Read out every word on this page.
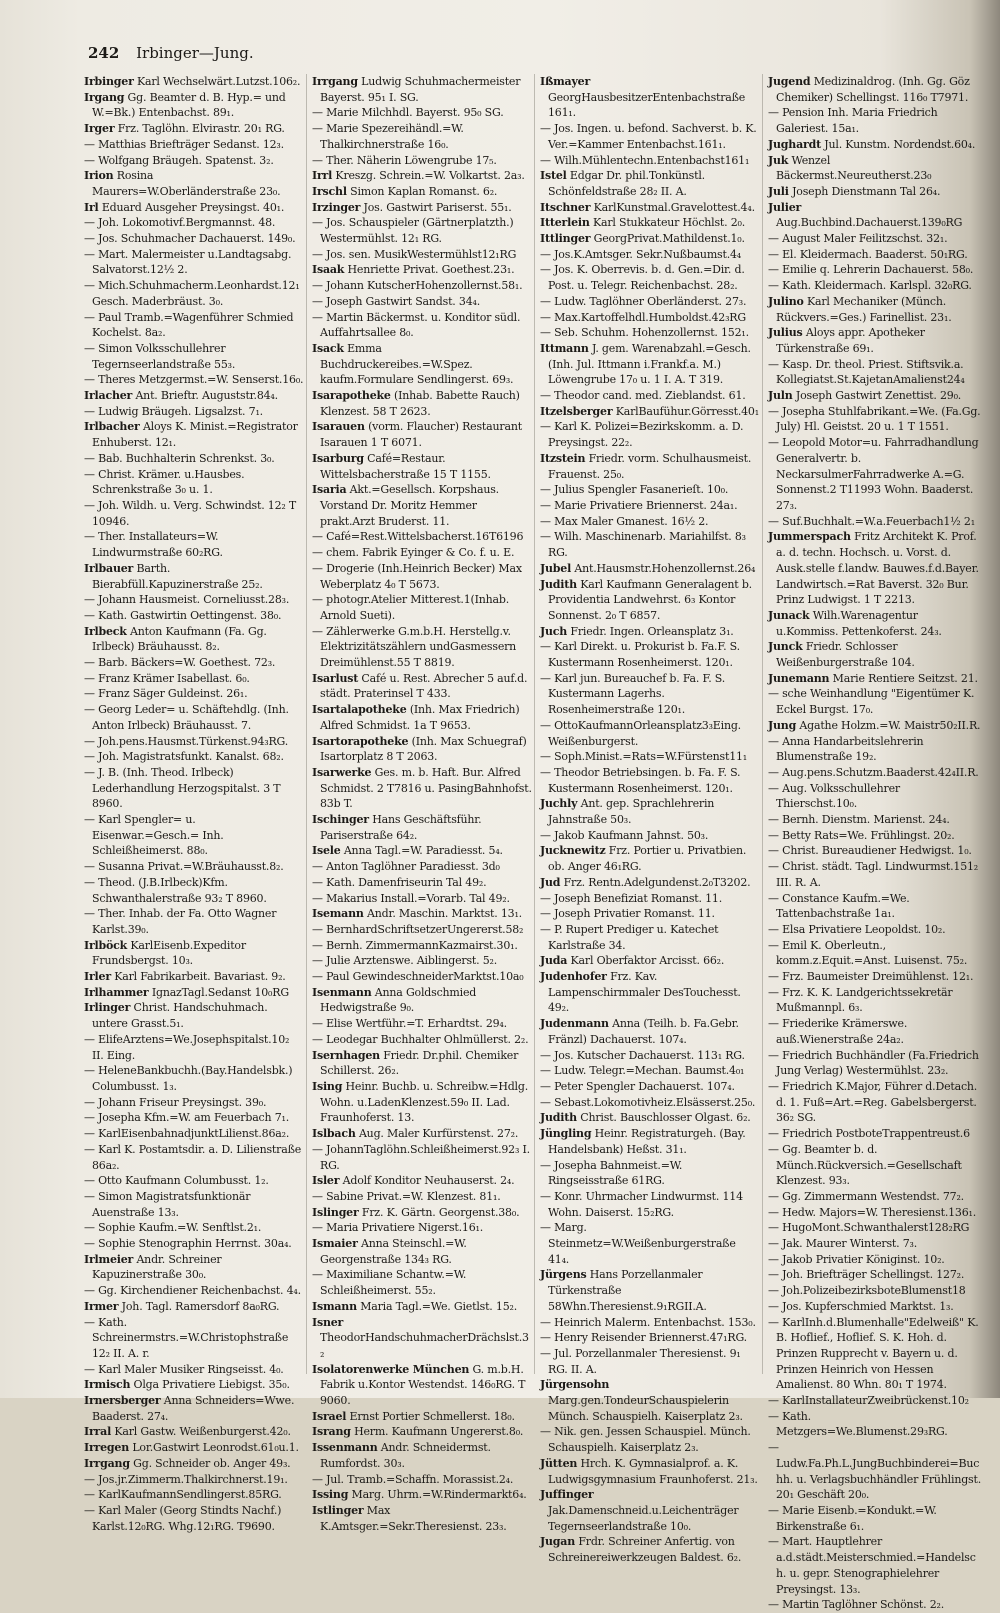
242 Irbinger—Jung.

Irbinger Karl Wechselwärt.Lutzst.106₂.

Irgang Gg. Beamter d. B. Hyp.= und W.=Bk.) Entenbachst. 89₁.

Irger Frz. Taglöhn. Elvirastr. 20₁ RG.

— Matthias Briefträger Sedanst. 12₃.

— Wolfgang Bräugeh. Spatenst. 3₂.

Irion Rosina Maurers=W.Oberländerstraße 23₀.

Irl Eduard Ausgeher Preysingst. 40₁.

— Joh. Lokomotivf.Bergmannst. 48.

— Jos. Schuhmacher Dachauerst. 149₀.

— Mart. Malermeister u.Landtagsabg. Salvatorst.12½ 2.

— Mich.Schuhmacherm.Leonhardst.12₁ Gesch. Maderbräust. 3₀.

— Paul Tramb.=Wagenführer Schmied Kochelst. 8a₂.

— Simon Volksschullehrer Tegernseerlandstraße 55₃.

— Theres Metzgermst.=W. Senserst.16₀.

Irlacher Ant. Brieftr. Auguststr.84₄.

— Ludwig Bräugeh. Ligsalzst. 7₁.

Irlbacher Aloys K. Minist.=Registrator Enhuberst. 12₁.

— Bab. Buchhalterin Schrenkst. 3₀.

— Christ. Krämer. u.Hausbes. Schrenkstraße 3₀ u. 1.

— Joh. Wildh. u. Verg. Schwindst. 12₂ T 10946.

— Ther. Installateurs=W. Lindwurmstraße 60₂RG.

Irlbauer Barth. Bierabfüll.Kapuzinerstraße 25₂.

— Johann Hausmeist. Corneliusst.28₃.

— Kath. Gastwirtin Oettingenst. 38₀.

Irlbeck Anton Kaufmann (Fa. Gg. Irlbeck) Bräuhausst. 8₂.

— Barb. Bäckers=W. Goethest. 72₃.

— Franz Krämer Isabellast. 6₀.

— Franz Säger Guldeinst. 26₁.

— Georg Leder= u. Schäftehdlg. (Inh. Anton Irlbeck) Bräuhausst. 7.

— Joh.pens.Hausmst.Türkenst.94₃RG.

— Joh. Magistratsfunkt. Kanalst. 68₂.

— J. B. (Inh. Theod. Irlbeck) Lederhandlung Herzogspitalst. 3 T 8960.

— Karl Spengler= u. Eisenwar.=Gesch.= Inh. Schleißheimerst. 88₀.

— Susanna Privat.=W.Bräuhausst.8₂.

— Theod. (J.B.Irlbeck)Kfm. Schwanthalerstraße 93₂ T 8960.

— Ther. Inhab. der Fa. Otto Wagner Karlst.39₀.

Irlböck KarlEisenb.Expeditor Frundsbergst. 10₃.

Irler Karl Fabrikarbeit. Bavariast. 9₂.

Irlhammer IgnazTagl.Sedanst 10₀RG

Irlinger Christ. Handschuhmach. untere Grasst.5₁.

— ElifeArztens=We.Josephspitalst.10₂ II. Eing.

— HeleneBankbuchh.(Bay.Handelsbk.) Columbusst. 1₃.

— Johann Friseur Preysingst. 39₀.

— Josepha Kfm.=W. am Feuerbach 7₁.

— KarlEisenbahnadjunktLilienst.86a₂.

— Karl K. Postamtsdir. a. D. Lilienstraße 86a₂.

— Otto Kaufmann Columbusst. 1₂.

— Simon Magistratsfunktionär Auenstraße 13₃.

— Sophie Kaufm.=W. Senftlst.2₁.

— Sophie Stenographin Herrnst. 30a₄.

Irlmeier Andr. Schreiner Kapuzinerstraße 30₀.

— Gg. Kirchendiener Reichenbachst. 4₄.

Irmer Joh. Tagl. Ramersdorf 8a₀RG.

— Kath. Schreinermstrs.=W.Christophstraße 12₂ II. A. r.

— Karl Maler Musiker Ringseisst. 4₀.

Irmisch Olga Privatiere Liebigst. 35₀.

Irnersberger Anna Schneiders=Wwe. Baaderst. 27₄.

Irral Karl Gastw. Weißenburgerst.42₀.

Irregen Lor.Gastwirt Leonrodst.61₀u.1.

Irrgang Gg. Schneider ob. Anger 49₃.

— Jos.jr.Zimmerm.Thalkirchnerst.19₁.

— KarlKaufmannSendlingerst.85RG.

— Karl Maler (Georg Stindts Nachf.) Karlst.12₀RG. Whg.12₁RG. T9690.

Irrgang Ludwig Schuhmachermeister Bayerst. 95₁ I. SG.

— Marie Milchhdl. Bayerst. 95₀ SG.

— Marie Spezereihändl.=W. Thalkirchnerstraße 16₀.

— Ther. Näherin Löwengrube 17₅.

Irrl Kreszg. Schrein.=W. Volkartst. 2a₃.

Irschl Simon Kaplan Romanst. 6₂.

Irzinger Jos. Gastwirt Pariserst. 55₁.

— Jos. Schauspieler (Gärtnerplatzth.) Westermühlst. 12₁ RG.

— Jos. sen. MusikWestermühlst12₁RG

Isaak Henriette Privat. Goethest.23₁.

— Johann KutscherHohenzollernst.58₁.

— Joseph Gastwirt Sandst. 34₄.

— Martin Bäckermst. u. Konditor südl. Auffahrtsallee 8₀.

Isack Emma Buchdruckereibes.=W.Spez. kaufm.Formulare Sendlingerst. 69₃.

Isarapotheke (Inhab. Babette Rauch) Klenzest. 58 T 2623.

Isarauen (vorm. Flaucher) Restaurant Isarauen 1 T 6071.

Isarburg Café=Restaur. Wittelsbacherstraße 15 T 1155.

Isaria Akt.=Gesellsch. Korpshaus. Vorstand Dr. Moritz Hemmer prakt.Arzt Bruderst. 11.

— Café=Rest.Wittelsbacherst.16T6196

— chem. Fabrik Eyinger & Co. f. u. E.

— Drogerie (Inh.Heinrich Becker) Max Weberplatz 4₀ T 5673.

— photogr.Atelier Mitterest.1(Inhab. Arnold Sueti).

— Zählerwerke G.m.b.H. Herstellg.v. Elektrizitätszählern undGasmessern Dreimühlenst.55 T 8819.

Isarlust Café u. Rest. Abrecher 5 auf.d. städt. Praterinsel T 433.

Isartalapotheke (Inh. Max Friedrich) Alfred Schmidst. 1a T 9653.

Isartorapotheke (Inh. Max Schuegraf) Isartorplatz 8 T 2063.

Isarwerke Ges. m. b. Haft. Bur. Alfred Schmidst. 2 T7816 u. PasingBahnhofst. 83b T.

Ischinger Hans Geschäftsführ. Pariserstraße 64₂.

Isele Anna Tagl.=W. Paradiesst. 5₄.

— Anton Taglöhner Paradiesst. 3d₀

— Kath. Damenfriseurin Tal 49₂.

— Makarius Install.=Vorarb. Tal 49₂.

Isemann Andr. Maschin. Marktst. 13₁.

— BernhardSchriftsetzerUngererst.58₂

— Bernh. ZimmermannKazmairst.30₁.

— Julie Arztenswe. Aiblingerst. 5₂.

— Paul GewindeschneiderMarktst.10a₀

Isenmann Anna Goldschmied Hedwigstraße 9₀.

— Elise Wertführ.=T. Erhardtst. 29₄.

— Leodegar Buchhalter Ohlmüllerst. 2₂.

Isernhagen Friedr. Dr.phil. Chemiker Schillerst. 26₂.

Ising Heinr. Buchb. u. Schreibw.=Hdlg. Wohn. u.LadenKlenzest.59₀ II. Lad. Fraunhoferst. 13.

Islbach Aug. Maler Kurfürstenst. 27₂.

— JohannTaglöhn.Schleißheimerst.92₃ I. RG.

Isler Adolf Konditor Neuhauserst. 2₄.

— Sabine Privat.=W. Klenzest. 81₁.

Islinger Frz. K. Gärtn. Georgenst.38₀.

— Maria Privatiere Nigerst.16₁.

Ismaier Anna Steinschl.=W. Georgenstraße 134₃ RG.

— Maximiliane Schantw.=W. Schleißheimerst. 55₂.

Ismann Maria Tagl.=We. Gietlst. 15₂.

Isner TheodorHandschuhmacherDrächslst.3₂

Isolatorenwerke München G. m.b.H. Fabrik u.Kontor Westendst. 146₀RG. T 9060.

Israel Ernst Portier Schmellerst. 18₀.

Israng Herm. Kaufmann Ungererst.8₀.

Issenmann Andr. Schneidermst. Rumfordst. 30₃.

— Jul. Tramb.=Schaffn. Morassist.2₄.

Issing Marg. Uhrm.=W.Rindermarkt6₄.

Istlinger Max K.Amtsger.=Sekr.Theresienst. 23₃.

Ißmayer GeorgHausbesitzerEntenbachstraße 161₁.

— Jos. Ingen. u. befond. Sachverst. b. K. Ver.=Kammer Entenbachst.161₁.

— Wilh.Mühlentechn.Entenbachst161₁

Istel Edgar Dr. phil.Tonkünstl. Schönfeldstraße 28₂ II. A.

Itschner KarlKunstmal.Gravelottest.4₄.

Itterlein Karl Stukkateur Höchlst. 2₀.

Ittlinger GeorgPrivat.Mathildenst.1₀.

— Jos.K.Amtsger. Sekr.Nußbaumst.4₄

— Jos. K. Oberrevis. b. d. Gen.=Dir. d. Post. u. Telegr. Reichenbachst. 28₂.

— Ludw. Taglöhner Oberländerst. 27₃.

— Max.Kartoffelhdl.Humboldst.42₃RG

— Seb. Schuhm. Hohenzollernst. 152₁.

Ittmann J. gem. Warenabzahl.=Gesch. (Inh. Jul. Ittmann i.Frankf.a. M.) Löwengrube 17₀ u. 1 I. A. T 319.

— Theodor cand. med. Zieblandst. 61.

Itzelsberger KarlBaufühur.Görresst.40₁

— Karl K. Polizei=Bezirkskomm. a. D. Preysingst. 22₂.

Itzstein Friedr. vorm. Schulhausmeist. Frauenst. 25₀.

— Julius Spengler Fasanerieſt. 10₀.

— Marie Privatiere Briennerst. 24a₁.

— Max Maler Gmanest. 16½ 2.

— Wilh. Maschinenarb. Mariahilfst. 8₃ RG.

Jubel Ant.Hausmstr.Hohenzollernst.26₄

Judith Karl Kaufmann Generalagent b. Providentia Landwehrst. 6₃ Kontor Sonnenst. 2₀ T 6857.

Juch Friedr. Ingen. Orleansplatz 3₁.

— Karl Direkt. u. Prokurist b. Fa.F. S. Kustermann Rosenheimerst. 120₁.

— Karl jun. Bureauchef b. Fa. F. S. Kustermann Lagerhs. Rosenheimerstraße 120₁.

— OttoKaufmannOrleansplatz3₃Eing. Weißenburgerst.

— Soph.Minist.=Rats=W.Fürstenst11₁

— Theodor Betriebsingen. b. Fa. F. S. Kustermann Rosenheimerst. 120₁.

Juchly Ant. gep. Sprachlehrerin Jahnstraße 50₃.

— Jakob Kaufmann Jahnst. 50₃.

Jucknewitz Frz. Portier u. Privatbien. ob. Anger 46₁RG.

Jud Frz. Rentn.Adelgundenst.2₀T3202.

— Joseph Benefiziat Romanst. 11.

— Joseph Privatier Romanst. 11.

— P. Rupert Prediger u. Katechet Karlstraße 34.

Juda Karl Oberfaktor Arcisst. 66₂.

Judenhofer Frz. Kav. Lampenschirmmaler DesTouchesst. 49₂.

Judenmann Anna (Teilh. b. Fa.Gebr. Fränzl) Dachauerst. 107₄.

— Jos. Kutscher Dachauerst. 113₁ RG.

— Ludw. Telegr.=Mechan. Baumst.4₀₁

— Peter Spengler Dachauerst. 107₄.

— Sebast.Lokomotivheiz.Elsässerst.25₀.

Judith Christ. Bauschlosser Olgast. 6₂.

Jüngling Heinr. Registraturgeh. (Bay. Handelsbank) Heßst. 31₁.

— Josepha Bahnmeist.=W. Ringseisstraße 61RG.

— Konr. Uhrmacher Lindwurmst. 114 Wohn. Daiserst. 15₂RG.

— Marg. Steinmetz=W.Weißenburgerstraße 41₄.

Jürgens Hans Porzellanmaler Türkenstraße 58Whn.Theresienst.9₁RGII.A.

— Heinrich Malerm. Entenbachst. 153₀.

— Henry Reisender Briennerst.47₁RG.

— Jul. Porzellanmaler Theresienst. 9₁ RG. II. A.

Jürgensohn Marg.gen.TondeurSchauspielerin Münch. Schauspielh. Kaiserplatz 2₃.

— Nik. gen. Jessen Schauspiel. Münch. Schauspielh. Kaiserplatz 2₃.

Jütten Hrch. K. Gymnasialprof. a. K. Ludwigsgymnasium Fraunhoferst. 21₃.

Juffinger Jak.Damenschneid.u.Leichenträger Tegernseerlandstraße 10₀.

Jugan Frdr. Schreiner Anfertig. von Schreinereiwerkzeugen Baldest. 6₂.

Jugend Medizinaldrog. (Inh. Gg. Göz Chemiker) Schellingst. 116₀ T7971.

— Pension Inh. Maria Friedrich Galeriest. 15a₁.

Jughardt Jul. Kunstm. Nordendst.60₄.

Juk Wenzel Bäckermst.Neureutherst.23₀

Juli Joseph Dienstmann Tal 26₄.

Julier Aug.Buchbind.Dachauerst.139₀RG

— August Maler Feilitzschst. 32₁.

— El. Kleidermach. Baaderst. 50₁RG.

— Emilie q. Lehrerin Dachauerst. 58₀.

— Kath. Kleidermach. Karlspl. 32₀RG.

Julino Karl Mechaniker (Münch. Rückvers.=Ges.) Farinellist. 23₁.

Julius Aloys appr. Apotheker Türkenstraße 69₁.

— Kasp. Dr. theol. Priest. Stiftsvik.a. Kollegiatst.St.KajetanAmalienst24₄

Juln Joseph Gastwirt Zenettist. 29₀.

— Josepha Stuhlfabrikant.=We. (Fa.Gg. July) Hl. Geistst. 20 u. 1 T 1551.

— Leopold Motor=u. Fahrradhandlung Generalvertr. b. NeckarsulmerFahrradwerke A.=G. Sonnenst.2 T11993 Wohn. Baaderst. 27₃.

— Suf.Buchhalt.=W.a.Feuerbach1½ 2₁

Jummerspach Fritz Architekt K. Prof. a. d. techn. Hochsch. u. Vorst. d. Ausk.stelle f.landw. Bauwes.f.d.Bayer. Landwirtsch.=Rat Baverst. 32₀ Bur. Prinz Ludwigst. 1 T 2213.

Junack Wilh.Warenagentur u.Kommiss. Pettenkoferst. 24₃.

Junck Friedr. Schlosser Weißenburgerstraße 104.

Junemann Marie Rentiere Seitzst. 21.

— sche Weinhandlung "Eigentümer K. Eckel Burgst. 17₀.

Jung Agathe Holzm.=W. Maistr50₂II.R.

— Anna Handarbeitslehrerin Blumenstraße 19₂.

— Aug.pens.Schutzm.Baaderst.42₄II.R.

— Aug. Volksschullehrer Thierschst.10₀.

— Bernh. Dienstm. Marienst. 24₄.

— Betty Rats=We. Frühlingst. 20₂.

— Christ. Bureaudiener Hedwigst. 1₀.

— Christ. städt. Tagl. Lindwurmst.151₂ III. R. A.

— Constance Kaufm.=We. Tattenbachstraße 1a₁.

— Elsa Privatiere Leopoldst. 10₂.

— Emil K. Oberleutn., komm.z.Equit.=Anst. Luisenst. 75₂.

— Frz. Baumeister Dreimühlenst. 12₁.

— Frz. K. K. Landgerichtssekretär Mußmannpl. 6₃.

— Friederike Krämerswe. auß.Wienerstraße 24a₂.

— Friedrich Buchhändler (Fa.Friedrich Jung Verlag) Westermühlst. 23₂.

— Friedrich K.Major, Führer d.Detach. d. 1. Fuß=Art.=Reg. Gabelsbergerst. 36₂ SG.

— Friedrich PostboteTrappentreust.6

— Gg. Beamter b. d. Münch.Rückversich.=Gesellschaft Klenzest. 93₃.

— Gg. Zimmermann Westendst. 77₂.

— Hedw. Majors=W. Theresienst.136₁.

— HugoMont.Schwanthalerst128₂RG

— Jak. Maurer Winterst. 7₃.

— Jakob Privatier Königinst. 10₂.

— Joh. Briefträger Schellingst. 127₂.

— Joh.PolizeibezirksboteBlumenst18

— Jos. Kupferschmied Marktst. 1₃.

— KarlInh.d.Blumenhalle"Edelweiß" K. B. Hoflief., Hoflief. S. K. Hoh. d. Prinzen Rupprecht v. Bayern u. d. Prinzen Heinrich von Hessen Amalienst. 80 Whn. 80₁ T 1974.

— KarlInstallateurZweibrückenst.10₂

— Kath. Metzgers=We.Blumenst.29₃RG.

— Ludw.Fa.Ph.L.JungBuchbinderei=Buchh. u. Verlagsbuchhändler Frühlingst. 20₁ Geschäft 20₀.

— Marie Eisenb.=Kondukt.=W. Birkenstraße 6₁.

— Mart. Hauptlehrer a.d.städt.Meisterschmied.=Handelsch. u. gepr. Stenographielehrer Preysingst. 13₃.

— Martin Taglöhner Schönst. 2₂.
